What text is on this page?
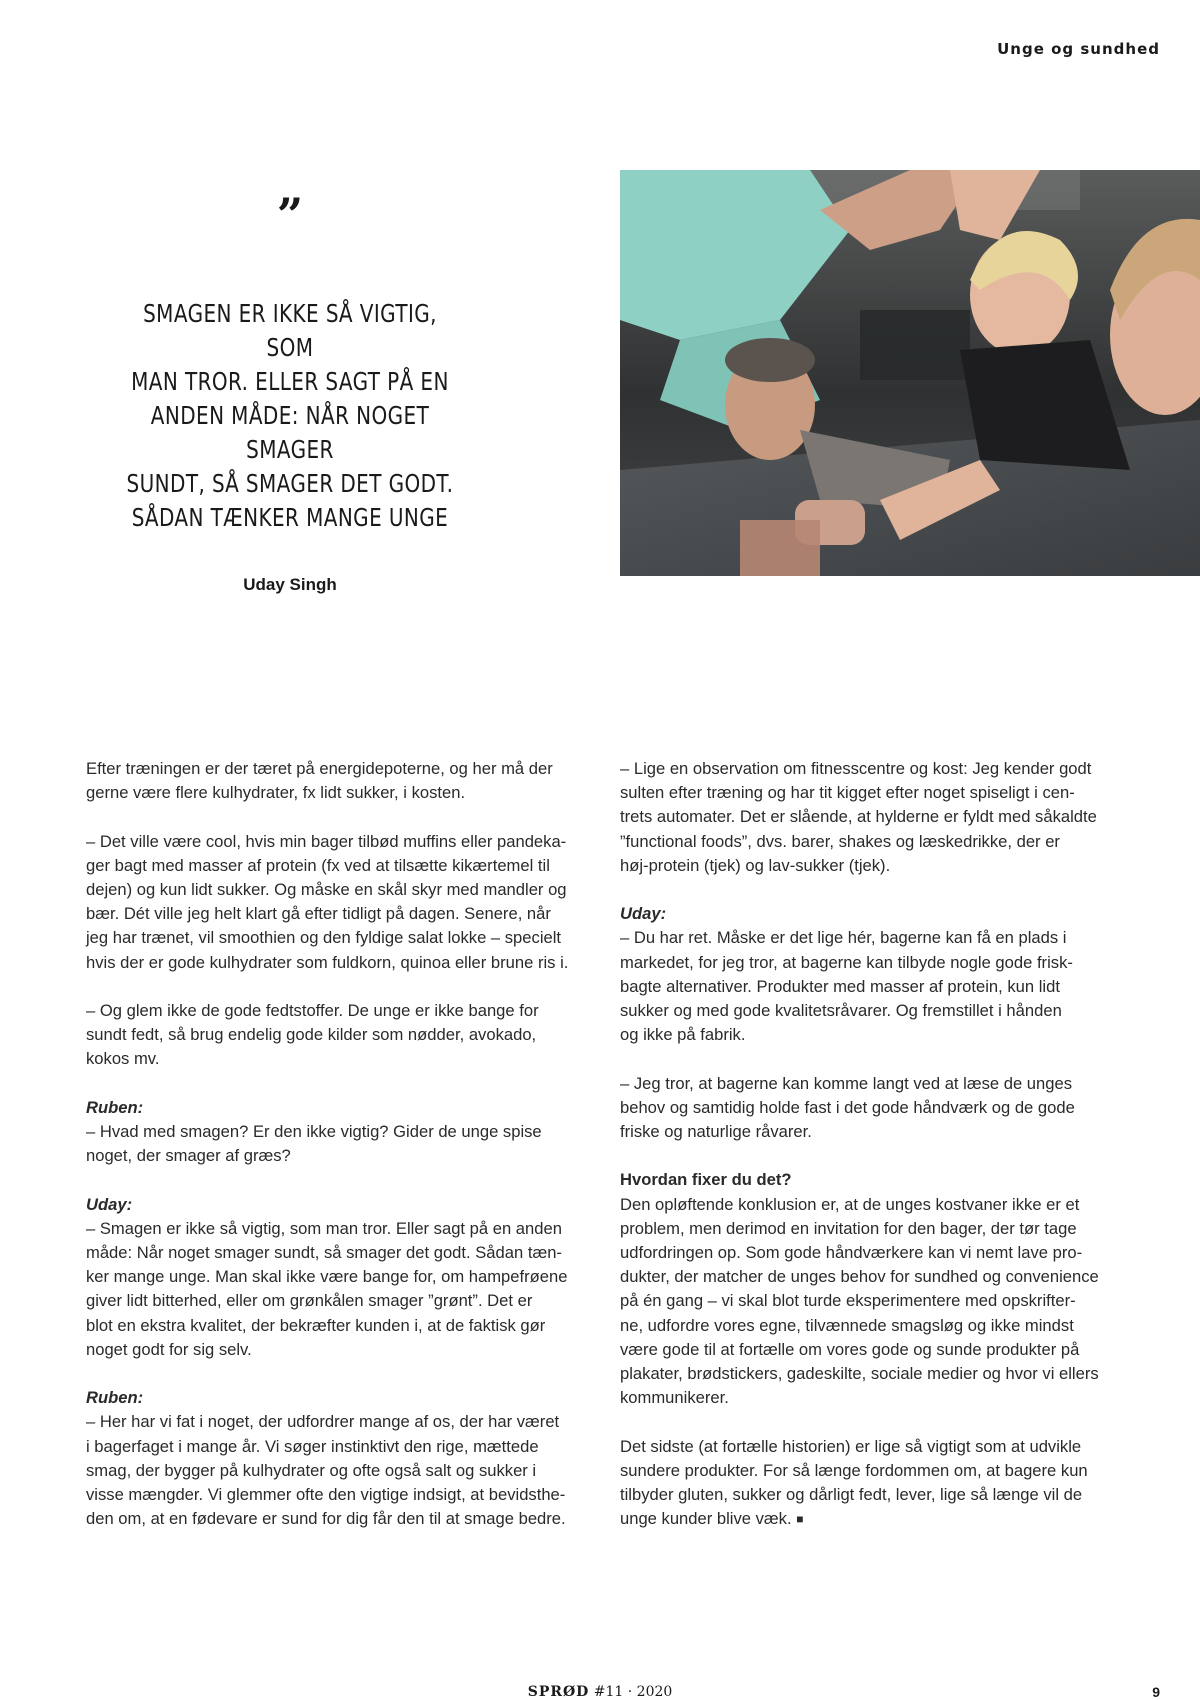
Unge og sundhed
”
SMAGEN ER IKKE SÅ VIGTIG, SOM
MAN TROR. ELLER SAGT PÅ EN
ANDEN MÅDE: NÅR NOGET SMAGER
SUNDT, SÅ SMAGER DET GODT.
SÅDAN TÆNKER MANGE UNGE
Uday Singh

Efter træningen er der tæret på energidepoterne, og her må der
gerne være flere kulhydrater, fx lidt sukker, i kosten.

– Det ville være cool, hvis min bager tilbød muffins eller pandeka-
ger bagt med masser af protein (fx ved at tilsætte kikærtemel til
dejen) og kun lidt sukker. Og måske en skål skyr med mandler og
bær. Dét ville jeg helt klart gå efter tidligt på dagen. Senere, når
jeg har trænet, vil smoothien og den fyldige salat lokke – specielt
hvis der er gode kulhydrater som fuldkorn, quinoa eller brune ris i.

– Og glem ikke de gode fedtstoffer. De unge er ikke bange for
sundt fedt, så brug endelig gode kilder som nødder, avokado,
kokos mv.

Ruben:
– Hvad med smagen? Er den ikke vigtig? Gider de unge spise
noget, der smager af græs?

Uday:
– Smagen er ikke så vigtig, som man tror. Eller sagt på en anden
måde: Når noget smager sundt, så smager det godt. Sådan tæn-
ker mange unge. Man skal ikke være bange for, om hampefrøene
giver lidt bitterhed, eller om grønkålen smager ”grønt”. Det er
blot en ekstra kvalitet, der bekræfter kunden i, at de faktisk gør
noget godt for sig selv.

Ruben:
– Her har vi fat i noget, der udfordrer mange af os, der har været
i bagerfaget i mange år. Vi søger instinktivt den rige, mættede
smag, der bygger på kulhydrater og ofte også salt og sukker i
visse mængder. Vi glemmer ofte den vigtige indsigt, at bevidsthe-
den om, at en fødevare er sund for dig får den til at smage bedre.

– Lige en observation om fitnesscentre og kost: Jeg kender godt
sulten efter træning og har tit kigget efter noget spiseligt i cen-
trets automater. Det er slående, at hylderne er fyldt med såkaldte
”functional foods”, dvs. barer, shakes og læskedrikke, der er
høj-protein (tjek) og lav-sukker (tjek).

Uday:
– Du har ret. Måske er det lige hér, bagerne kan få en plads i
markedet, for jeg tror, at bagerne kan tilbyde nogle gode frisk-
bagte alternativer. Produkter med masser af protein, kun lidt
sukker og med gode kvalitetsråvarer. Og fremstillet i hånden
og ikke på fabrik.

– Jeg tror, at bagerne kan komme langt ved at læse de unges
behov og samtidig holde fast i det gode håndværk og de gode
friske og naturlige råvarer.

Hvordan fixer du det?
Den opløftende konklusion er, at de unges kostvaner ikke er et
problem, men derimod en invitation for den bager, der tør tage
udfordringen op. Som gode håndværkere kan vi nemt lave pro-
dukter, der matcher de unges behov for sundhed og convenience
på én gang – vi skal blot turde eksperimentere med opskrifter-
ne, udfordre vores egne, tilvænnede smagsløg og ikke mindst
være gode til at fortælle om vores gode og sunde produkter på
plakater, brødstickers, gadeskilte, sociale medier og hvor vi ellers
kommunikerer.

Det sidste (at fortælle historien) er lige så vigtigt som at udvikle
sundere produkter. For så længe fordommen om, at bagere kun
tilbyder gluten, sukker og dårligt fedt, lever, lige så længe vil de
unge kunder blive væk. ■

SPRØD #11 · 2020	9
